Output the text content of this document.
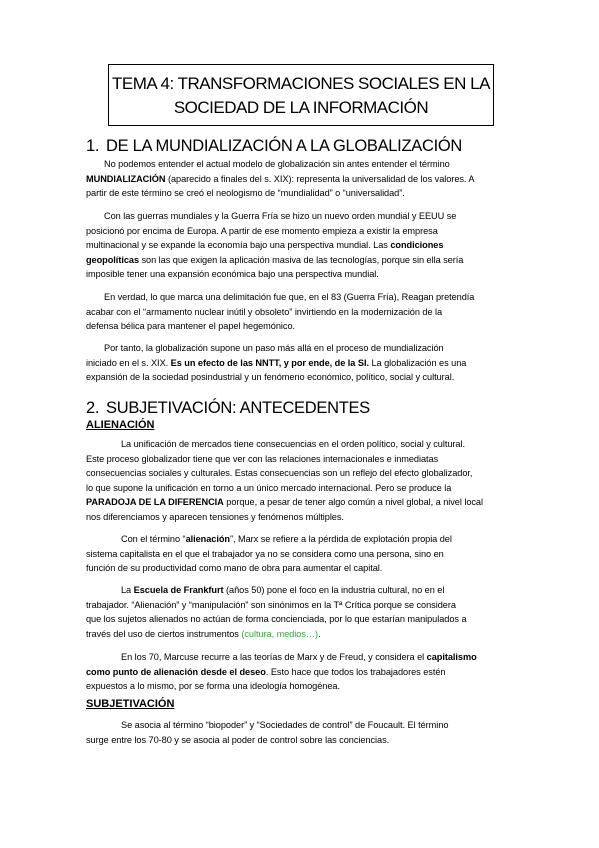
TEMA 4: TRANSFORMACIONES SOCIALES EN LA
SOCIEDAD DE LA INFORMACIÓN
1. DE LA MUNDIALIZACIÓN A LA GLOBALIZACIÓN
No podemos entender el actual modelo de globalización sin antes entender el término
MUNDIALIZACIÓN (aparecido a finales del s. XIX): representa la universalidad de los valores. A
partir de este término se creó el neologismo de “mundialidad” o “universalidad”.
Con las guerras mundiales y la Guerra Fría se hizo un nuevo orden mundial y EEUU se
posicionó por encima de Europa. A partir de ese momento empieza a existir la empresa
multinacional y se expande la economía bajo una perspectiva mundial. Las condiciones
geopolíticas son las que exigen la aplicación masiva de las tecnologías, porque sin ella sería
imposible tener una expansión económica bajo una perspectiva mundial.
En verdad, lo que marca una delimitación fue que, en el 83 (Guerra Fría), Reagan pretendía
acabar con el “armamento nuclear inútil y obsoleto” invirtiendo en la modernización de la
defensa bélica para mantener el papel hegemónico.
Por tanto, la globalización supone un paso más allá en el proceso de mundialización
iniciado en el s. XIX. Es un efecto de las NNTT, y por ende, de la SI. La globalización es una
expansión de la sociedad posindustrial y un fenómeno económico, político, social y cultural.
La unificación de mercados tiene consecuencias en el orden político, social y cultural.
Este proceso globalizador tiene que ver con las relaciones internacionales e inmediatas
consecuencias sociales y culturales. Estas consecuencias son un reflejo del efecto globalizador,
lo que supone la unificación en torno a un único mercado internacional. Pero se produce la
PARADOJA DE LA DIFERENCIA porque, a pesar de tener algo común a nivel global, a nivel local
nos diferenciamos y aparecen tensiones y fenómenos múltiples.
Con el término “alienación”, Marx se refiere a la pérdida de explotación propia del
sistema capitalista en el que el trabajador ya no se considera como una persona, sino en
función de su productividad como mano de obra para aumentar el capital.
La Escuela de Frankfurt (años 50) pone el foco en la industria cultural, no en el
trabajador. “Alienación” y “manipulación” son sinónimos en la Tª Crítica porque se considera
que los sujetos alienados no actúan de forma concienciada, por lo que estarían manipulados a
través del uso de ciertos instrumentos (cultura, medios…).
En los 70, Marcuse recurre a las teorías de Marx y de Freud, y considera el capitalismo
como punto de alienación desde el deseo. Esto hace que todos los trabajadores estén
expuestos a lo mismo, por se forma una ideología homogénea.
Se asocia al término “biopoder” y “Sociedades de control” de Foucault. El término
surge entre los 70-80 y se asocia al poder de control sobre las conciencias.
2. SUBJETIVACIÓN: ANTECEDENTES
ALIENACIÓN
SUBJETIVACIÓN
